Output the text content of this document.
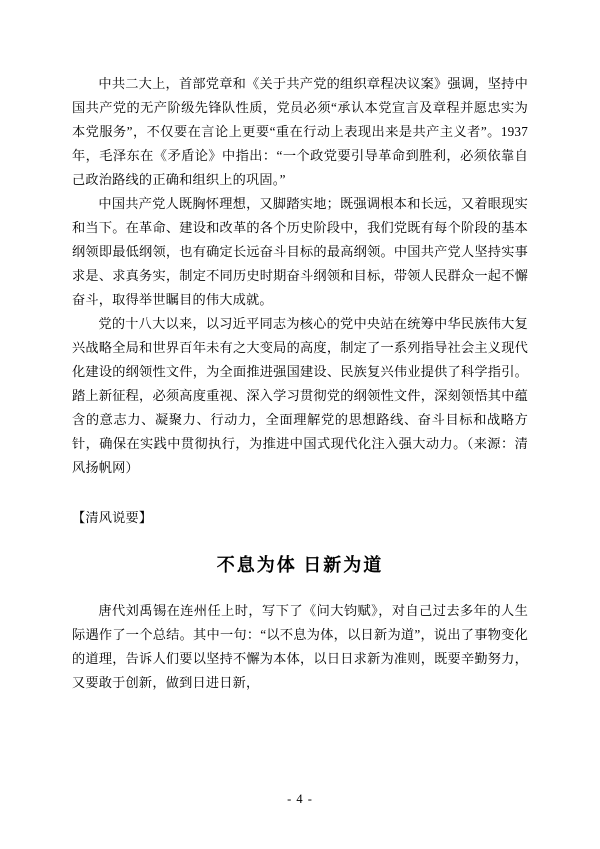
中共二大上，首部党章和《关于共产党的组织章程决议案》强调，坚持中国共产党的无产阶级先锋队性质，党员必须“承认本党宣言及章程并愿忠实为本党服务”，不仅要在言论上更要“重在行动上表现出来是共产主义者”。1937年，毛泽东在《矛盾论》中指出：“一个政党要引导革命到胜利，必须依靠自己政治路线的正确和组织上的巩固。”

中国共产党人既胸怀理想，又脚踏实地；既强调根本和长远，又着眼现实和当下。在革命、建设和改革的各个历史阶段中，我们党既有每个阶段的基本纲领即最低纲领，也有确定长远奋斗目标的最高纲领。中国共产党人坚持实事求是、求真务实，制定不同历史时期奋斗纲领和目标，带领人民群众一起不懈奋斗，取得举世瞩目的伟大成就。

党的十八大以来，以习近平同志为核心的党中央站在统筹中华民族伟大复兴战略全局和世界百年未有之大变局的高度，制定了一系列指导社会主义现代化建设的纲领性文件，为全面推进强国建设、民族复兴伟业提供了科学指引。踏上新征程，必须高度重视、深入学习贯彻党的纲领性文件，深刻领悟其中蕴含的意志力、凝聚力、行动力，全面理解党的思想路线、奋斗目标和战略方针，确保在实践中贯彻执行，为推进中国式现代化注入强大动力。（来源：清风扬帆网）

【清风说要】

不息为体 日新为道

唐代刘禹锡在连州任上时，写下了《问大钧赋》，对自己过去多年的人生际遇作了一个总结。其中一句：“以不息为体，以日新为道”，说出了事物变化的道理，告诉人们要以坚持不懈为本体，以日日求新为准则，既要辛勤努力，又要敢于创新，做到日进日新，

- 4 -
